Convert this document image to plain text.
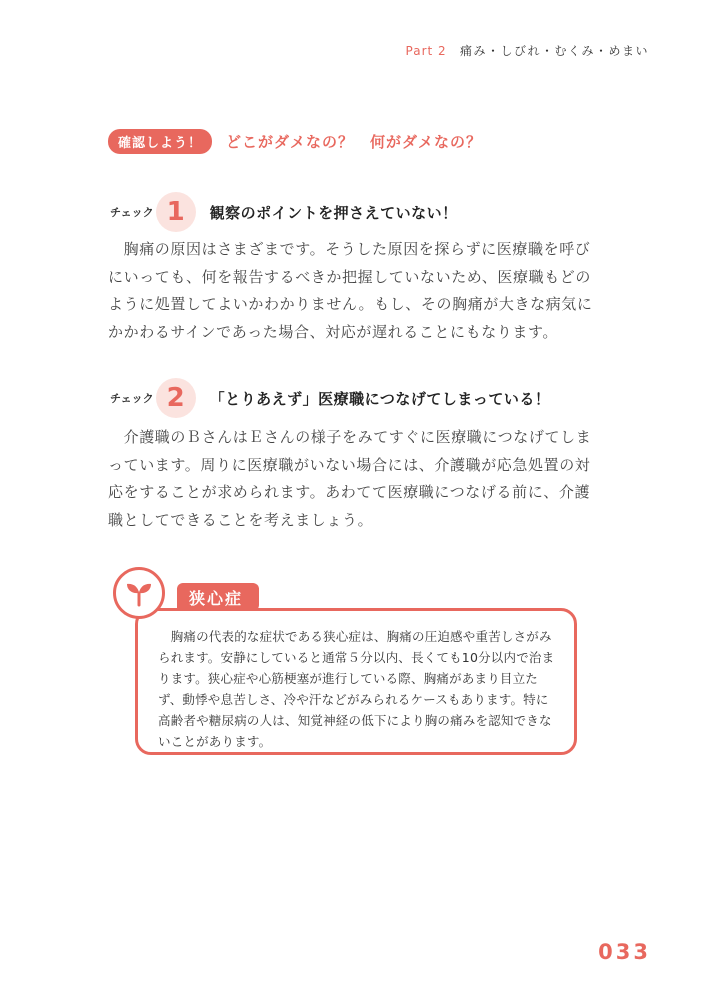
Part 2 痛み・しびれ・むくみ・めまい
確認しよう！	どこがダメなの？　何がダメなの？
チェック 1	観察のポイントを押さえていない！

　胸痛の原因はさまざまです。そうした原因を探らずに医療職を呼びにいっても、何を報告するべきか把握していないため、医療職もどのように処置してよいかわかりません。もし、その胸痛が大きな病気にかかわるサインであった場合、対応が遅れることにもなります。

チェック 2	「とりあえず」医療職につなげてしまっている！

　介護職のＢさんはＥさんの様子をみてすぐに医療職につなげてしまっています。周りに医療職がいない場合には、介護職が応急処置の対応をすることが求められます。あわてて医療職につなげる前に、介護職としてできることを考えましょう。

狭心症

　胸痛の代表的な症状である狭心症は、胸痛の圧迫感や重苦しさがみられます。安静にしていると通常５分以内、長くても10分以内で治まります。狭心症や心筋梗塞が進行している際、胸痛があまり目立たず、動悸や息苦しさ、冷や汗などがみられるケースもあります。特に高齢者や糖尿病の人は、知覚神経の低下により胸の痛みを認知できないことがあります。

033
